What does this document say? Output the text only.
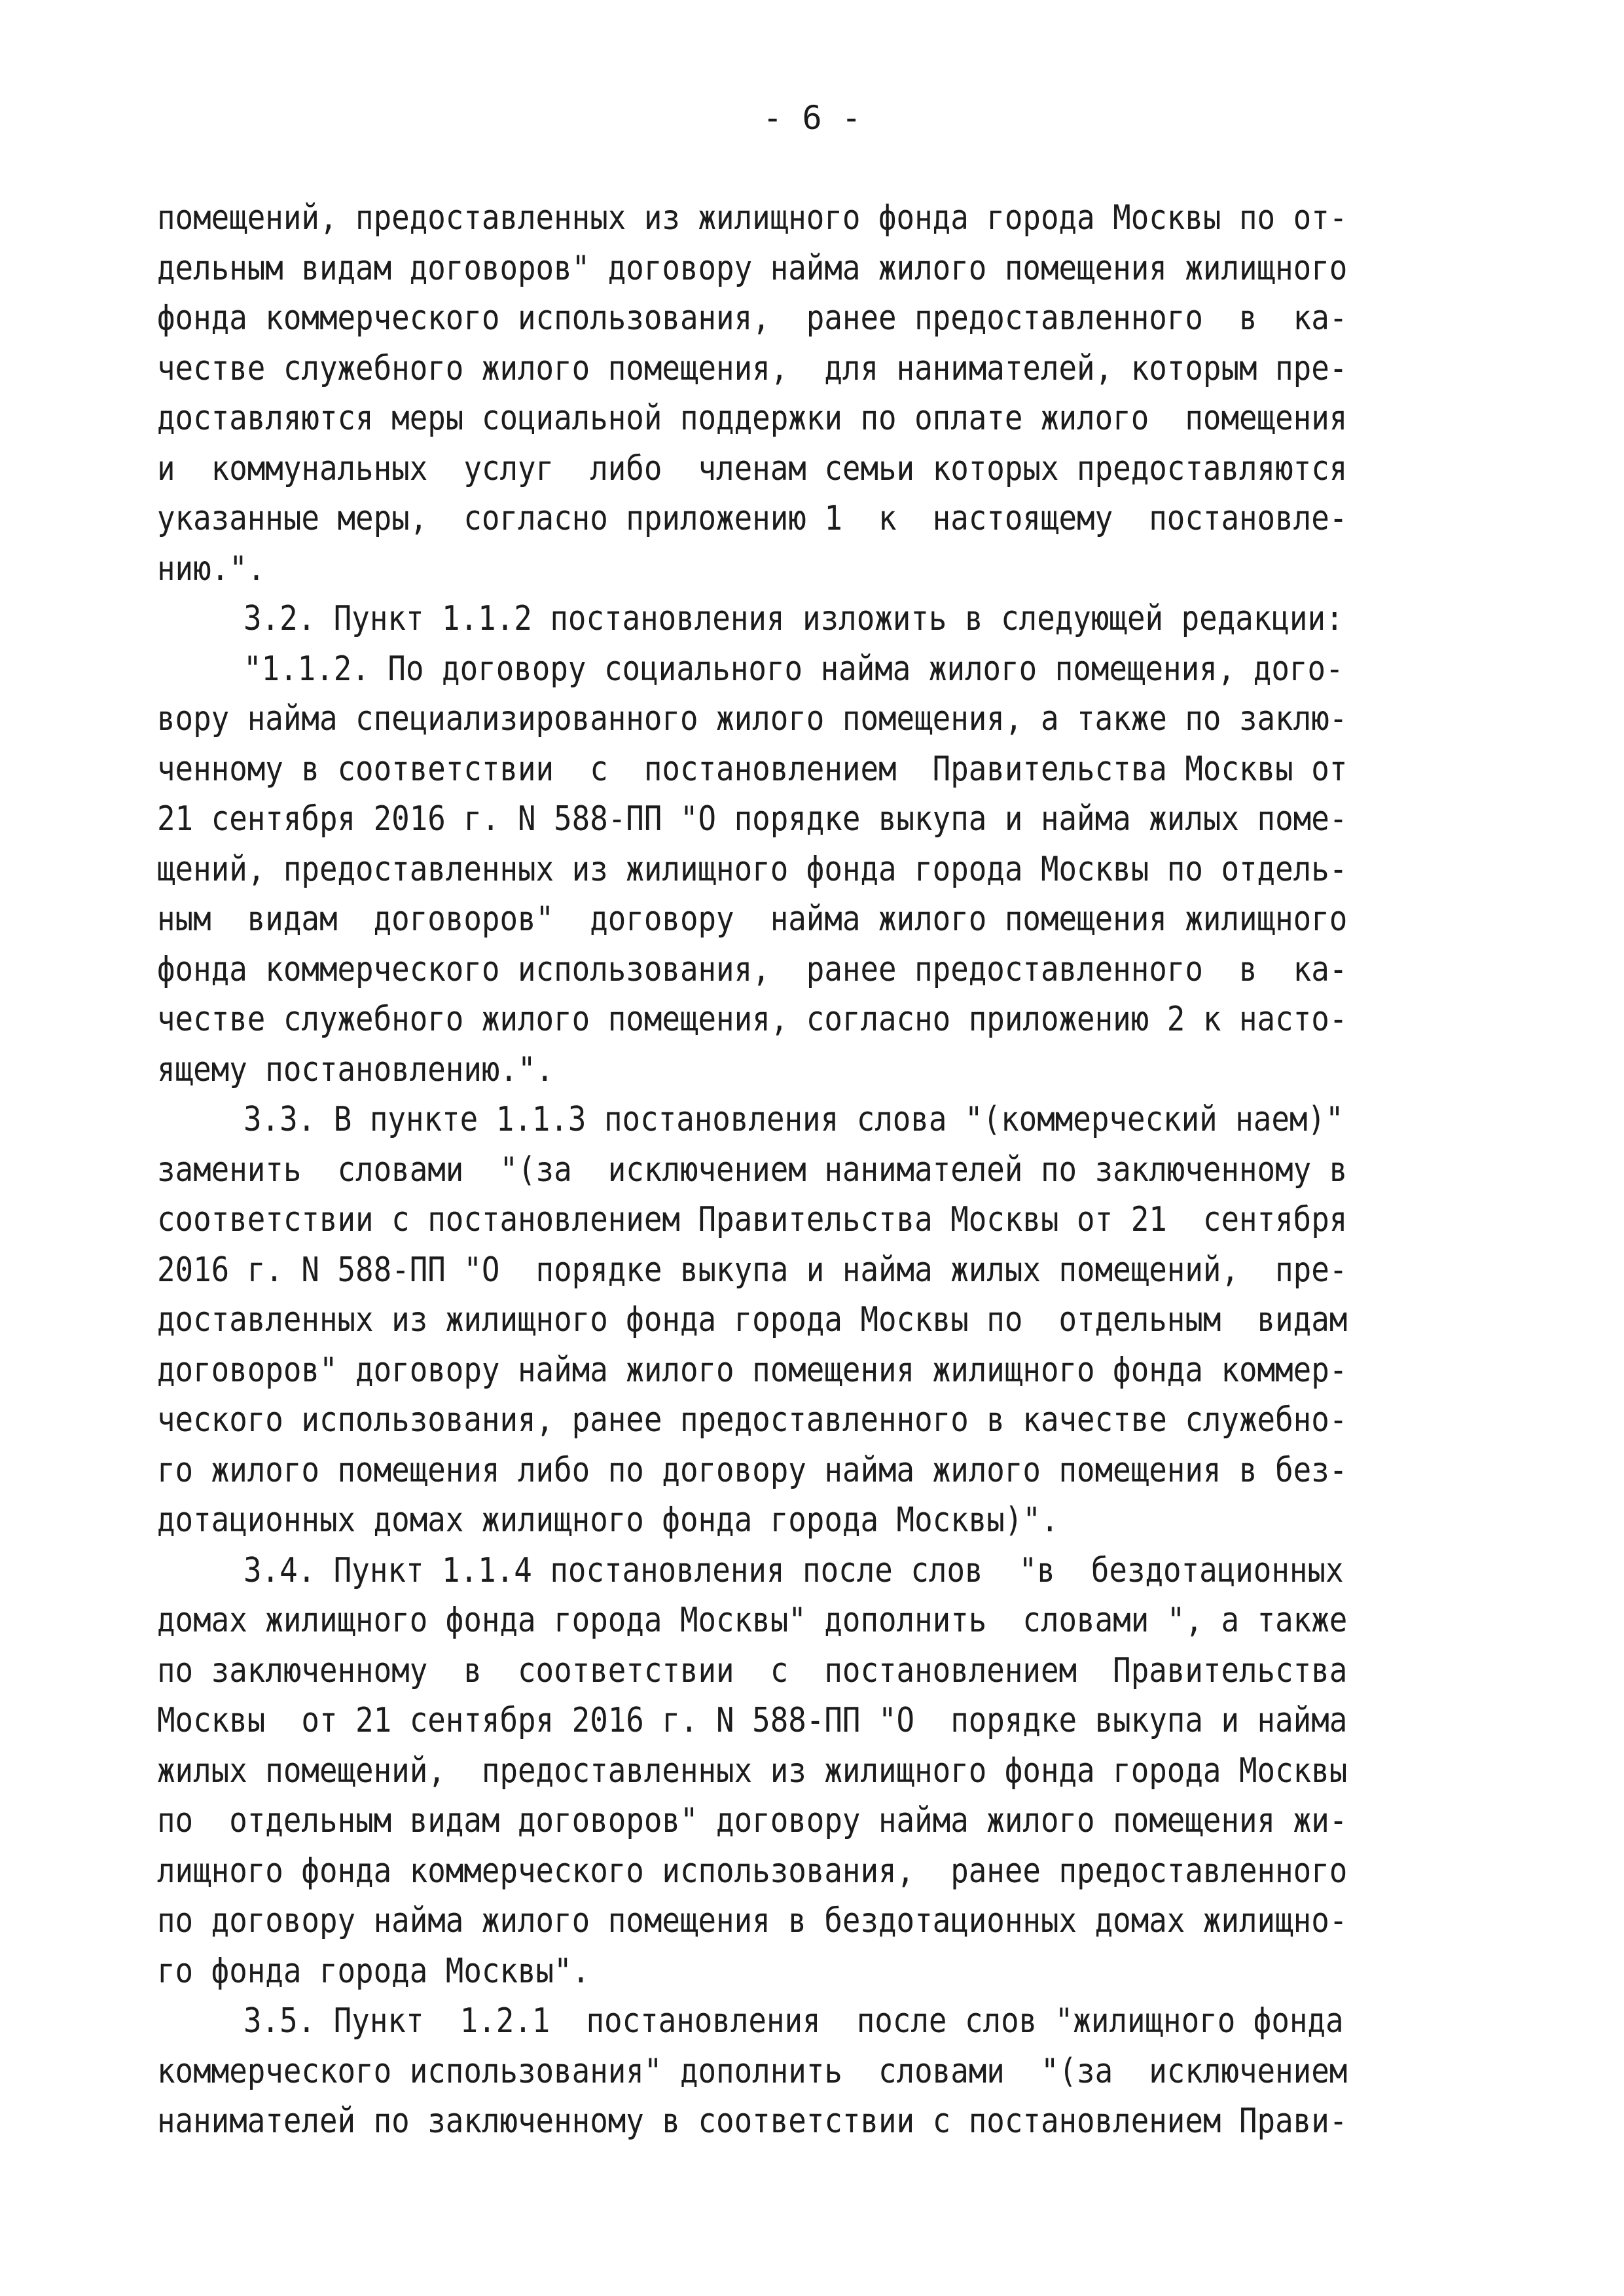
- 6 -
помещений, предоставленных из жилищного фонда города Москвы по от-
дельным видам договоров" договору найма жилого помещения жилищного
фонда коммерческого использования,  ранее предоставленного  в  ка-
честве служебного жилого помещения,  для нанимателей, которым пре-
доставляются меры социальной поддержки по оплате жилого  помещения
и  коммунальных  услуг  либо  членам семьи которых предоставляются
указанные меры,  согласно приложению 1  к  настоящему  постановле-
нию.".
3.2. Пункт 1.1.2 постановления изложить в следующей редакции:
"1.1.2. По договору социального найма жилого помещения, дого-
вору найма специализированного жилого помещения, а также по заклю-
ченному в соответствии  с  постановлением  Правительства Москвы от
21 сентября 2016 г. N 588-ПП "О порядке выкупа и найма жилых поме-
щений, предоставленных из жилищного фонда города Москвы по отдель-
ным  видам  договоров"  договору  найма жилого помещения жилищного
фонда коммерческого использования,  ранее предоставленного  в  ка-
честве служебного жилого помещения, согласно приложению 2 к насто-
ящему постановлению.".
3.3. В пункте 1.1.3 постановления слова "(коммерческий наем)"
заменить  словами  "(за  исключением нанимателей по заключенному в
соответствии с постановлением Правительства Москвы от 21  сентября
2016 г. N 588-ПП "О  порядке выкупа и найма жилых помещений,  пре-
доставленных из жилищного фонда города Москвы по  отдельным  видам
договоров" договору найма жилого помещения жилищного фонда коммер-
ческого использования, ранее предоставленного в качестве служебно-
го жилого помещения либо по договору найма жилого помещения в без-
дотационных домах жилищного фонда города Москвы)".
3.4. Пункт 1.1.4 постановления после слов  "в  бездотационных
домах жилищного фонда города Москвы" дополнить  словами ", а также
по заключенному  в  соответствии  с  постановлением  Правительства
Москвы  от 21 сентября 2016 г. N 588-ПП "О  порядке выкупа и найма
жилых помещений,  предоставленных из жилищного фонда города Москвы
по  отдельным видам договоров" договору найма жилого помещения жи-
лищного фонда коммерческого использования,  ранее предоставленного
по договору найма жилого помещения в бездотационных домах жилищно-
го фонда города Москвы".
3.5. Пункт  1.2.1  постановления  после слов "жилищного фонда
коммерческого использования" дополнить  словами  "(за  исключением
нанимателей по заключенному в соответствии с постановлением Прави-
